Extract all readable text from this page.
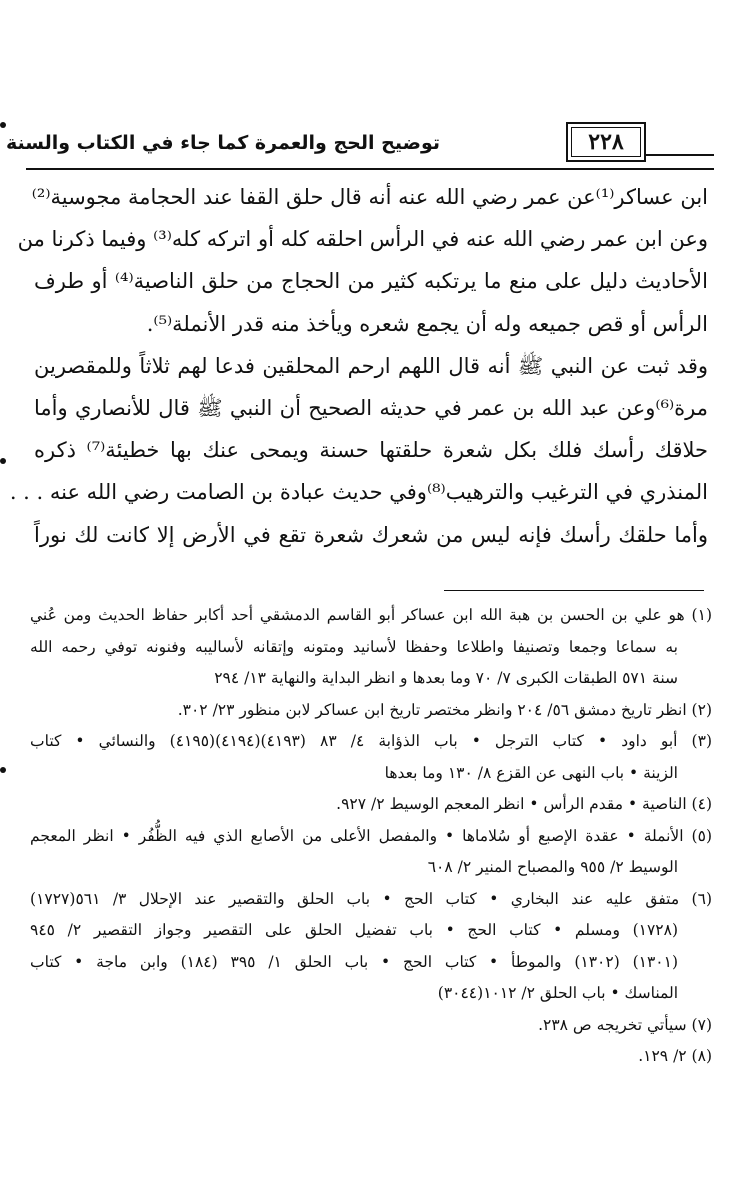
٢٢٨
توضيح الحج والعمرة كما جاء في الكتاب والسنة
ابن عساكر⁽¹⁾عن عمر رضي الله عنه أنه قال حلق القفا عند الحجامة مجوسية⁽²⁾
وعن ابن عمر رضي الله عنه في الرأس احلقه كله أو اتركه كله⁽³⁾ وفيما ذكرنا من
الأحاديث دليل على منع ما يرتكبه كثير من الحجاج من حلق الناصية⁽⁴⁾ أو طرف
الرأس أو قص جميعه وله أن يجمع شعره ويأخذ منه قدر الأنملة⁽⁵⁾.
وقد ثبت عن النبي ﷺ أنه قال اللهم ارحم المحلقين فدعا لهم ثلاثاً وللمقصرين
مرة⁽⁶⁾وعن عبد الله بن عمر في حديثه الصحيح أن النبي ﷺ قال للأنصاري وأما
حلاقك رأسك فلك بكل شعرة حلقتها حسنة ويمحى عنك بها خطيئة⁽⁷⁾ ذكره
المنذري في الترغيب والترهيب⁽⁸⁾وفي حديث عبادة بن الصامت رضي الله عنه . . .
وأما حلقك رأسك فإنه ليس من شعرك شعرة تقع في الأرض إلا كانت لك نوراً
(١) هو علي بن الحسن بن هبة الله ابن عساكر أبو القاسم الدمشقي أحد أكابر حفاظ الحديث ومن عُني
به سماعا وجمعا وتصنيفا واطلاعا وحفظا لأسانيد ومتونه وإتقانه لأساليبه وفنونه توفي رحمه الله
سنة ٥٧١ الطبقات الكبرى ٧/ ٧٠ وما بعدها و انظر البداية والنهاية ١٣/ ٢٩٤
(٢) انظر تاريخ دمشق ٥٦/ ٢٠٤ وانظر مختصر تاريخ ابن عساكر لابن منظور ٢٣/ ٣٠٢.
(٣) أبو داود • كتاب الترجل • باب الذؤابة ٤/ ٨٣ (٤١٩٣)(٤١٩٤)(٤١٩٥) والنسائي • كتاب
الزينة • باب النهى عن القزع ٨/ ١٣٠ وما بعدها
(٤) الناصية • مقدم الرأس • انظر المعجم الوسيط ٢/ ٩٢٧.
(٥) الأنملة • عقدة الإصبع أو سُلاماها • والمفصل الأعلى من الأصابع الذي فيه الظُّفُر • انظر المعجم
الوسيط ٢/ ٩٥٥ والمصباح المنير ٢/ ٦٠٨
(٦) متفق عليه عند البخاري • كتاب الحج • باب الحلق والتقصير عند الإحلال ٣/ ٥٦١(١٧٢٧)
(١٧٢٨) ومسلم • كتاب الحج • باب تفضيل الحلق على التقصير وجواز التقصير ٢/ ٩٤٥
(١٣٠١) (١٣٠٢) والموطأ • كتاب الحج • باب الحلق ١/ ٣٩٥ (١٨٤) وابن ماجة • كتاب
المناسك • باب الحلق ٢/ ١٠١٢(٣٠٤٤)
(٧) سيأتي تخريجه ص ٢٣٨.
(٨) ٢/ ١٢٩.
